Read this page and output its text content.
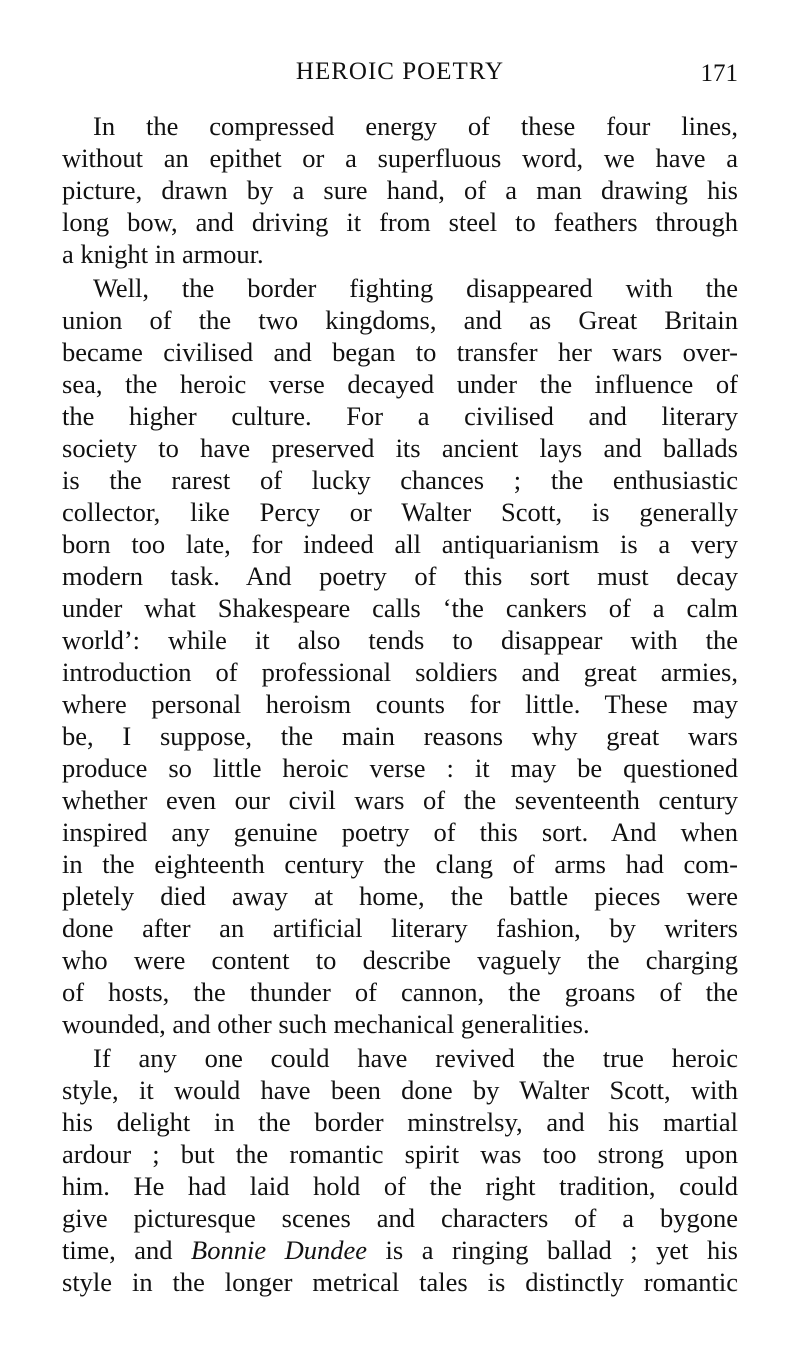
HEROIC POETRY	171
In the compressed energy of these four lines,
without an epithet or a superfluous word, we have a
picture, drawn by a sure hand, of a man drawing his
long bow, and driving it from steel to feathers through
a knight in armour.
Well, the border fighting disappeared with the
union of the two kingdoms, and as Great Britain
became civilised and began to transfer her wars over-
sea, the heroic verse decayed under the influence of
the higher culture. For a civilised and literary
society to have preserved its ancient lays and ballads
is the rarest of lucky chances ; the enthusiastic
collector, like Percy or Walter Scott, is generally
born too late, for indeed all antiquarianism is a very
modern task. And poetry of this sort must decay
under what Shakespeare calls ‘the cankers of a calm
world’: while it also tends to disappear with the
introduction of professional soldiers and great armies,
where personal heroism counts for little. These may
be, I suppose, the main reasons why great wars
produce so little heroic verse : it may be questioned
whether even our civil wars of the seventeenth century
inspired any genuine poetry of this sort. And when
in the eighteenth century the clang of arms had com-
pletely died away at home, the battle pieces were
done after an artificial literary fashion, by writers
who were content to describe vaguely the charging
of hosts, the thunder of cannon, the groans of the
wounded, and other such mechanical generalities.
If any one could have revived the true heroic
style, it would have been done by Walter Scott, with
his delight in the border minstrelsy, and his martial
ardour ; but the romantic spirit was too strong upon
him. He had laid hold of the right tradition, could
give picturesque scenes and characters of a bygone
time, and Bonnie Dundee is a ringing ballad ; yet his
style in the longer metrical tales is distinctly romantic
